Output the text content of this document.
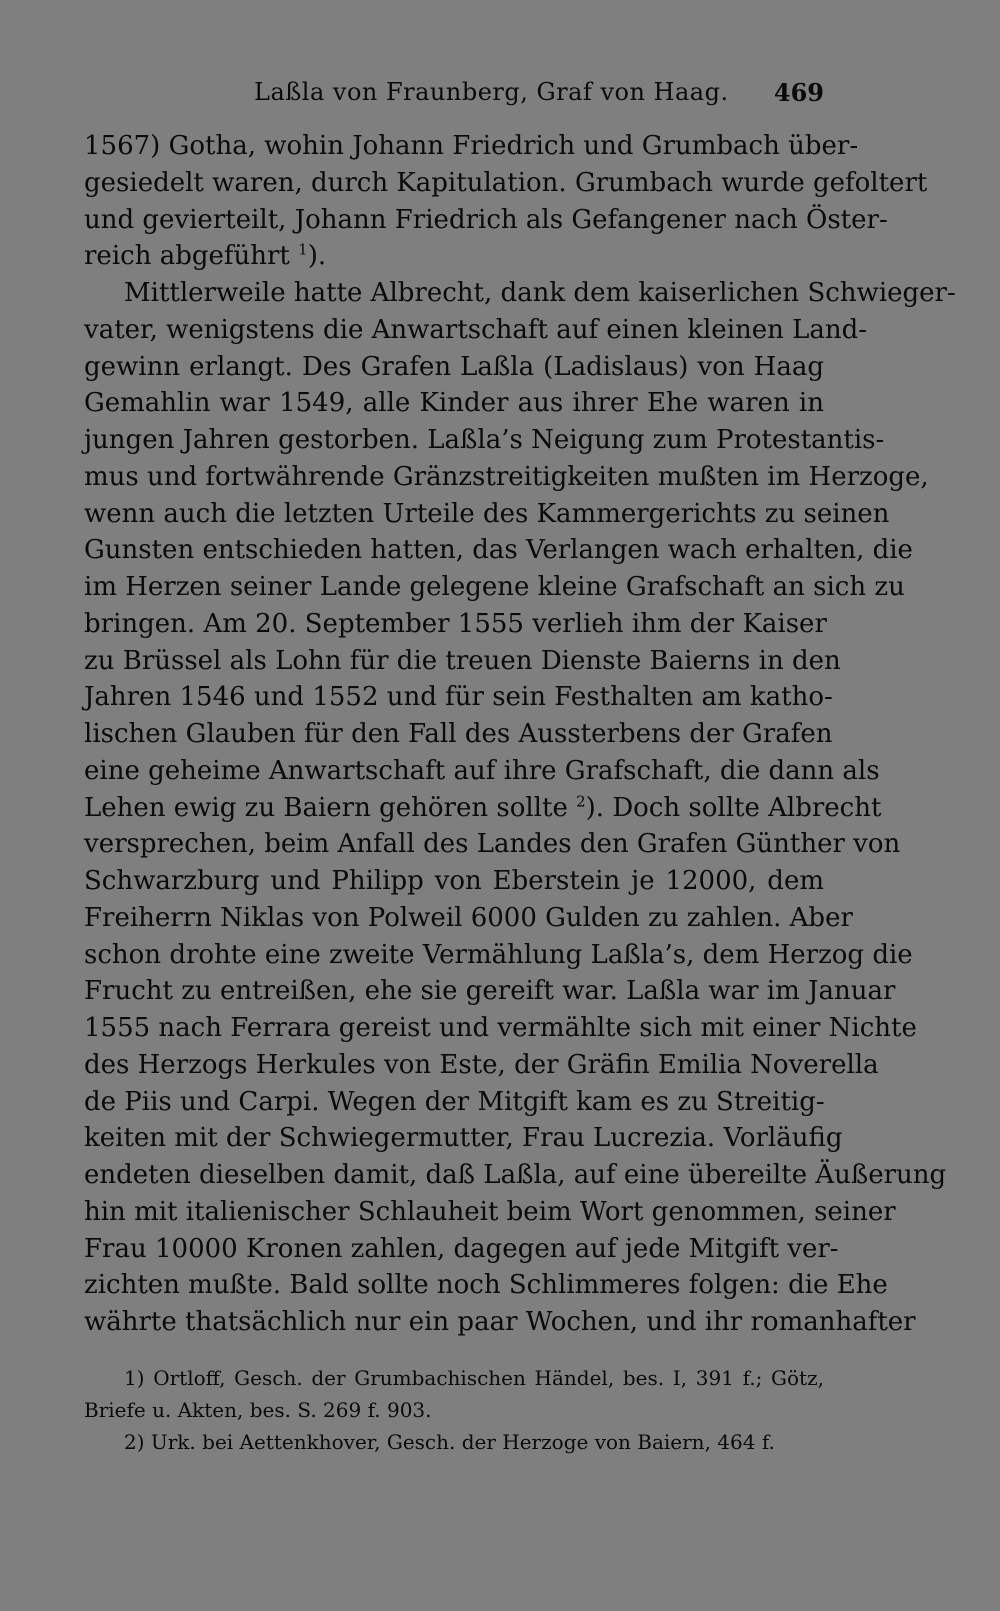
Laßla von Fraunberg, Graf von Haag. 469
1567) Gotha, wohin Johann Friedrich und Grumbach über-
gesiedelt waren, durch Kapitulation. Grumbach wurde gefoltert
und gevierteilt, Johann Friedrich als Gefangener nach Öster-
reich abgeführt $^1$).
Mittlerweile hatte Albrecht, dank dem kaiserlichen Schwieger-
vater, wenigstens die Anwartschaft auf einen kleinen Land-
gewinn erlangt. Des Grafen Laßla (Ladislaus) von Haag
Gemahlin war 1549, alle Kinder aus ihrer Ehe waren in
jungen Jahren gestorben. Laßla’s Neigung zum Protestantis-
mus und fortwährende Gränzstreitigkeiten mußten im Herzoge,
wenn auch die letzten Urteile des Kammergerichts zu seinen
Gunsten entschieden hatten, das Verlangen wach erhalten, die
im Herzen seiner Lande gelegene kleine Grafschaft an sich zu
bringen. Am 20. September 1555 verlieh ihm der Kaiser
zu Brüssel als Lohn für die treuen Dienste Baierns in den
Jahren 1546 und 1552 und für sein Festhalten am katho-
lischen Glauben für den Fall des Aussterbens der Grafen
eine geheime Anwartschaft auf ihre Grafschaft, die dann als
Lehen ewig zu Baiern gehören sollte $^2$). Doch sollte Albrecht
versprechen, beim Anfall des Landes den Grafen Günther von
Schwarzburg und Philipp von Eberstein je 12000, dem
Freiherrn Niklas von Polweil 6000 Gulden zu zahlen. Aber
schon drohte eine zweite Vermählung Laßla’s, dem Herzog die
Frucht zu entreißen, ehe sie gereift war. Laßla war im Januar
1555 nach Ferrara gereist und vermählte sich mit einer Nichte
des Herzogs Herkules von Este, der Gräfin Emilia Noverella
de Piis und Carpi. Wegen der Mitgift kam es zu Streitig-
keiten mit der Schwiegermutter, Frau Lucrezia. Vorläufig
endeten dieselben damit, daß Laßla, auf eine übereilte Äußerung
hin mit italienischer Schlauheit beim Wort genommen, seiner
Frau 10000 Kronen zahlen, dagegen auf jede Mitgift ver-
zichten mußte. Bald sollte noch Schlimmeres folgen: die Ehe
währte thatsächlich nur ein paar Wochen, und ihr romanhafter
1) Ortloff, Gesch. der Grumbachischen Händel, bes. I, 391 f.; Götz,
Briefe u. Akten, bes. S. 269 f. 903.
2) Urk. bei Aettenkhover, Gesch. der Herzoge von Baiern, 464 f.
